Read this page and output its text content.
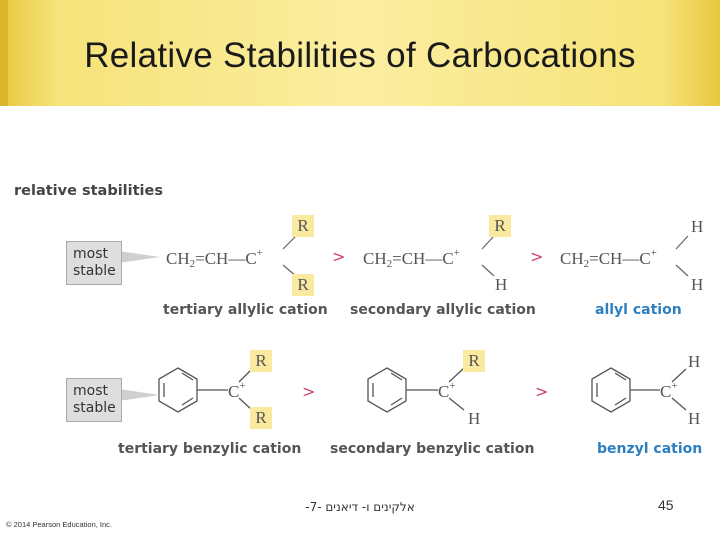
Relative Stabilities of Carbocations
relative stabilities
most
stable
$CH_2=CH—C^+$
R
R
> $CH_2=CH—C^+$
R
H
> $CH_2=CH—C^+$
H
H
tertiary allylic cation secondary allylic cation	allyl cation
most
stable
C+
R
R
>	C+
R
H
>	C+
H
H
tertiary benzylic cation secondary benzylic cation	benzyl cation
אלקינים ו- דיאנים -7-	45
© 2014 Pearson Education, Inc.
